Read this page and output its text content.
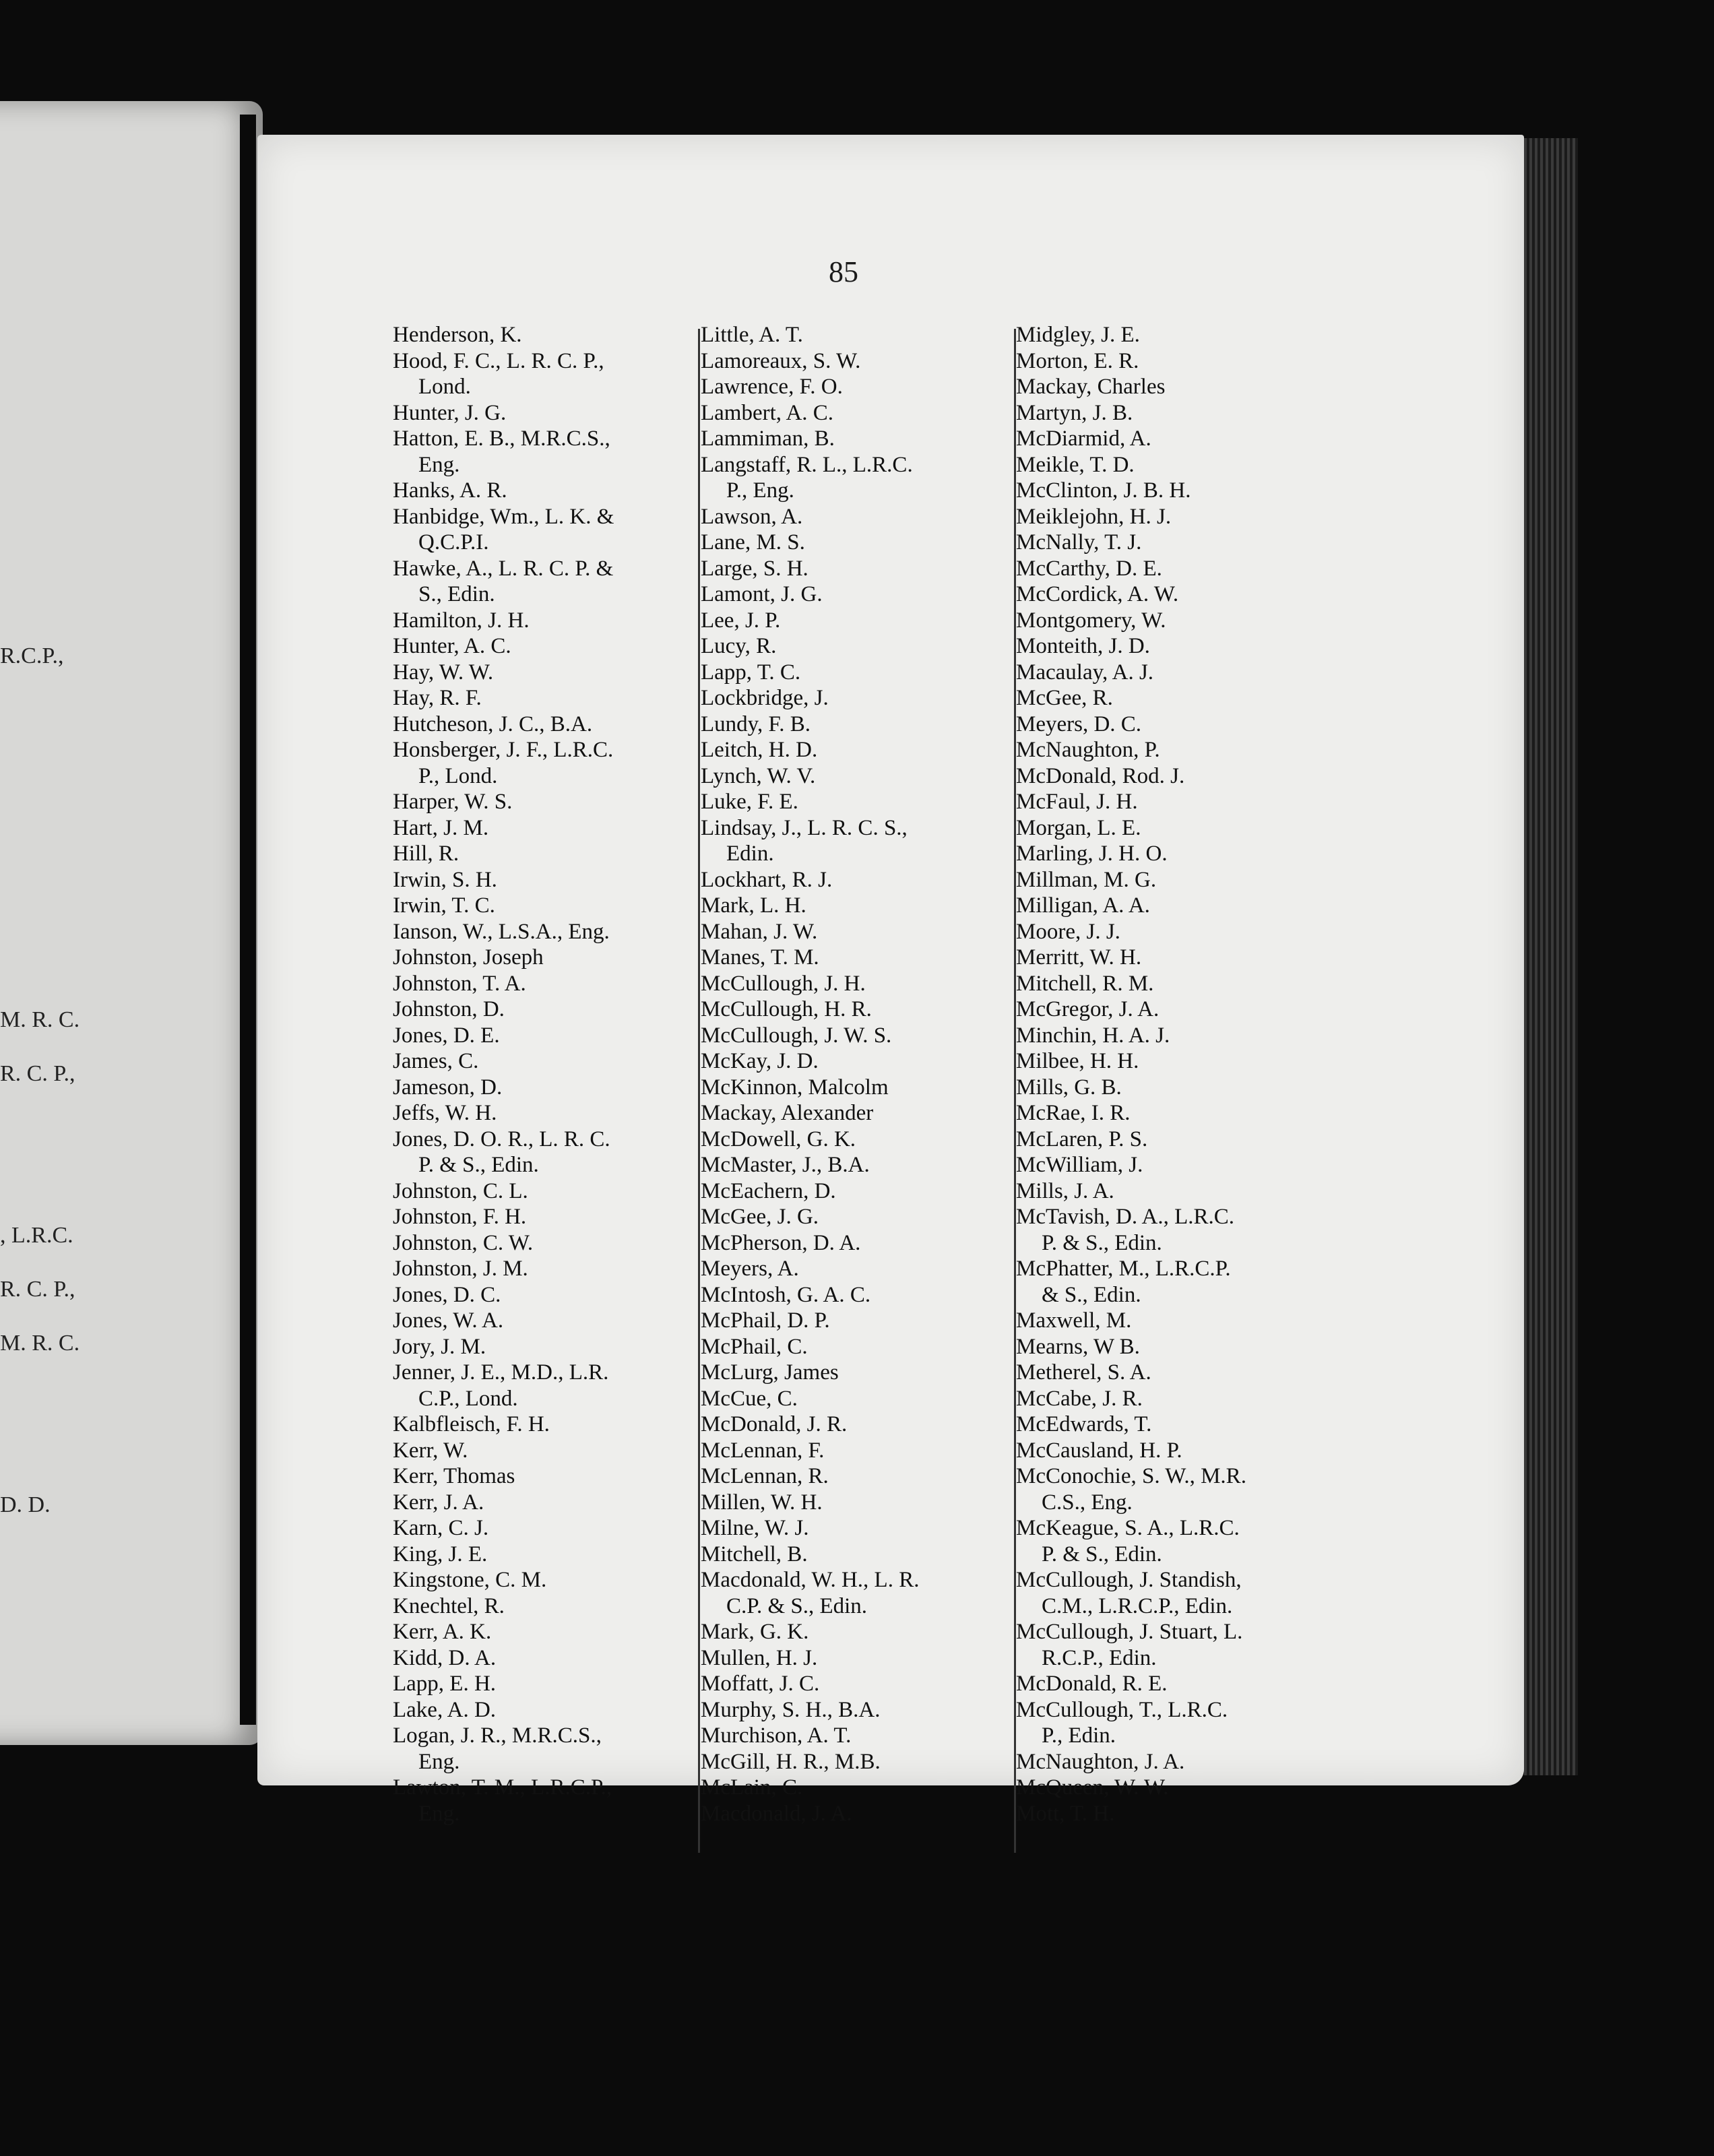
R.C.P.,
M. R. C.
R. C. P.,
, L.R.C.
R. C. P.,
M. R. C.
D. D.
85
Henderson, K.
Hood, F. C., L. R. C. P.,
Lond.
Hunter, J. G.
Hatton, E. B., M.R.C.S.,
Eng.
Hanks, A. R.
Hanbidge, Wm., L. K. &
Q.C.P.I.
Hawke, A., L. R. C. P. &
S., Edin.
Hamilton, J. H.
Hunter, A. C.
Hay, W. W.
Hay, R. F.
Hutcheson, J. C., B.A.
Honsberger, J. F., L.R.C.
P., Lond.
Harper, W. S.
Hart, J. M.
Hill, R.
Irwin, S. H.
Irwin, T. C.
Ianson, W., L.S.A., Eng.
Johnston, Joseph
Johnston, T. A.
Johnston, D.
Jones, D. E.
James, C.
Jameson, D.
Jeffs, W. H.
Jones, D. O. R., L. R. C.
P. & S., Edin.
Johnston, C. L.
Johnston, F. H.
Johnston, C. W.
Johnston, J. M.
Jones, D. C.
Jones, W. A.
Jory, J. M.
Jenner, J. E., M.D., L.R.
C.P., Lond.
Kalbfleisch, F. H.
Kerr, W.
Kerr, Thomas
Kerr, J. A.
Karn, C. J.
King, J. E.
Kingstone, C. M.
Knechtel, R.
Kerr, A. K.
Kidd, D. A.
Lapp, E. H.
Lake, A. D.
Logan, J. R., M.R.C.S.,
Eng.
Lawton, T. M., L.R.C.P.,
Eng.
Little, A. T.
Lamoreaux, S. W.
Lawrence, F. O.
Lambert, A. C.
Lammiman, B.
Langstaff, R. L., L.R.C.
P., Eng.
Lawson, A.
Lane, M. S.
Large, S. H.
Lamont, J. G.
Lee, J. P.
Lucy, R.
Lapp, T. C.
Lockbridge, J.
Lundy, F. B.
Leitch, H. D.
Lynch, W. V.
Luke, F. E.
Lindsay, J., L. R. C. S.,
Edin.
Lockhart, R. J.
Mark, L. H.
Mahan, J. W.
Manes, T. M.
McCullough, J. H.
McCullough, H. R.
McCullough, J. W. S.
McKay, J. D.
McKinnon, Malcolm
Mackay, Alexander
McDowell, G. K.
McMaster, J., B.A.
McEachern, D.
McGee, J. G.
McPherson, D. A.
Meyers, A.
McIntosh, G. A. C.
McPhail, D. P.
McPhail, C.
McLurg, James
McCue, C.
McDonald, J. R.
McLennan, F.
McLennan, R.
Millen, W. H.
Milne, W. J.
Mitchell, B.
Macdonald, W. H., L. R.
C.P. & S., Edin.
Mark, G. K.
Mullen, H. J.
Moffatt, J. C.
Murphy, S. H., B.A.
Murchison, A. T.
McGill, H. R., M.B.
McLain, C.
Macdonald, J. A.
Midgley, J. E.
Morton, E. R.
Mackay, Charles
Martyn, J. B.
McDiarmid, A.
Meikle, T. D.
McClinton, J. B. H.
Meiklejohn, H. J.
McNally, T. J.
McCarthy, D. E.
McCordick, A. W.
Montgomery, W.
Monteith, J. D.
Macaulay, A. J.
McGee, R.
Meyers, D. C.
McNaughton, P.
McDonald, Rod. J.
McFaul, J. H.
Morgan, L. E.
Marling, J. H. O.
Millman, M. G.
Milligan, A. A.
Moore, J. J.
Merritt, W. H.
Mitchell, R. M.
McGregor, J. A.
Minchin, H. A. J.
Milbee, H. H.
Mills, G. B.
McRae, I. R.
McLaren, P. S.
McWilliam, J.
Mills, J. A.
McTavish, D. A., L.R.C.
P. & S., Edin.
McPhatter, M., L.R.C.P.
& S., Edin.
Maxwell, M.
Mearns, W B.
Metherel, S. A.
McCabe, J. R.
McEdwards, T.
McCausland, H. P.
McConochie, S. W., M.R.
C.S., Eng.
McKeague, S. A., L.R.C.
P. & S., Edin.
McCullough, J. Standish,
C.M., L.R.C.P., Edin.
McCullough, J. Stuart, L.
R.C.P., Edin.
McDonald, R. E.
McCullough, T., L.R.C.
P., Edin.
McNaughton, J. A.
McQueen, W. W.
Mott, T. H.
